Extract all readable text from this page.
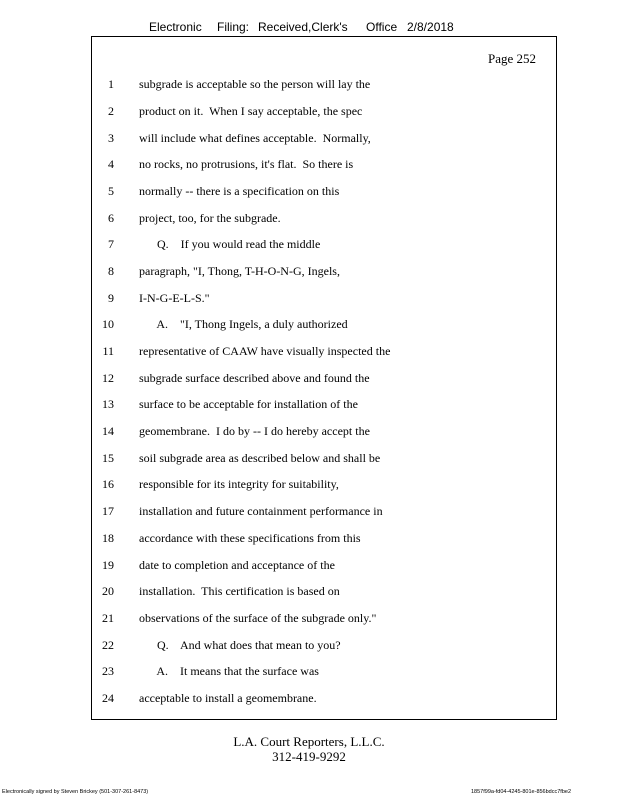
Electronic Filing: Received,Clerk's Office 2/8/2018
Page 252
1 subgrade is acceptable so the person will lay the
2 product on it.  When I say acceptable, the spec
3 will include what defines acceptable.  Normally,
4 no rocks, no protrusions, it's flat.  So there is
5 normally -- there is a specification on this
6 project, too, for the subgrade.
7 Q.    If you would read the middle
8 paragraph, "I, Thong, T-H-O-N-G, Ingels,
9 I-N-G-E-L-S."
10 A.    "I, Thong Ingels, a duly authorized
11 representative of CAAW have visually inspected the
12 subgrade surface described above and found the
13 surface to be acceptable for installation of the
14 geomembrane.  I do by -- I do hereby accept the
15 soil subgrade area as described below and shall be
16 responsible for its integrity for suitability,
17 installation and future containment performance in
18 accordance with these specifications from this
19 date to completion and acceptance of the
20 installation.  This certification is based on
21 observations of the surface of the subgrade only."
22 Q.    And what does that mean to you?
23 A.    It means that the surface was
24 acceptable to install a geomembrane.
L.A. Court Reporters, L.L.C.
312-419-9292
Electronically signed by Steven Brickey (501-307-261-8473)	1857f99a-fd04-4245-801e-856bdcc7fbe2
